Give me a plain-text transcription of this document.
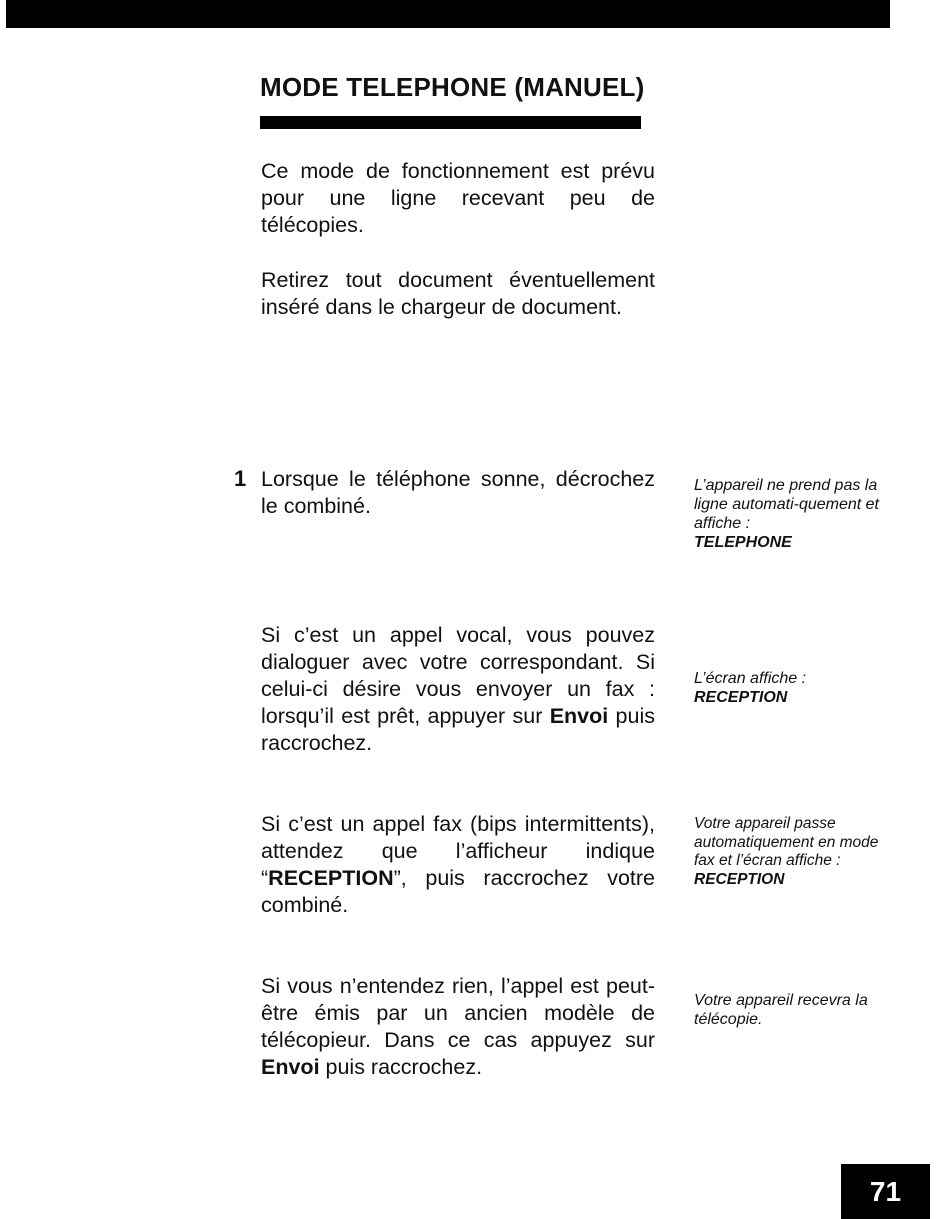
MODE TELEPHONE (MANUEL)

Ce mode de fonctionnement est prévu pour une ligne recevant peu de télécopies.

Retirez tout document éventuellement inséré dans le chargeur de document.

1 Lorsque le téléphone sonne, décrochez le combiné.

L’appareil ne prend pas la ligne automati-quement et affiche :
TELEPHONE

Si c’est un appel vocal, vous pouvez dialoguer avec votre correspondant. Si celui-ci désire vous envoyer un fax : lorsqu’il est prêt, appuyer sur Envoi puis raccrochez.

L’écran affiche :
RECEPTION

Si c’est un appel fax (bips intermittents), attendez que l’afficheur indique “RECEPTION”, puis raccrochez votre combiné.

Votre appareil passe automatiquement en mode fax et l’écran affiche :
RECEPTION

Si vous n’entendez rien, l’appel est peut-être émis par un ancien modèle de télécopieur. Dans ce cas appuyez sur Envoi puis raccrochez.

Votre appareil recevra la télécopie.

71
